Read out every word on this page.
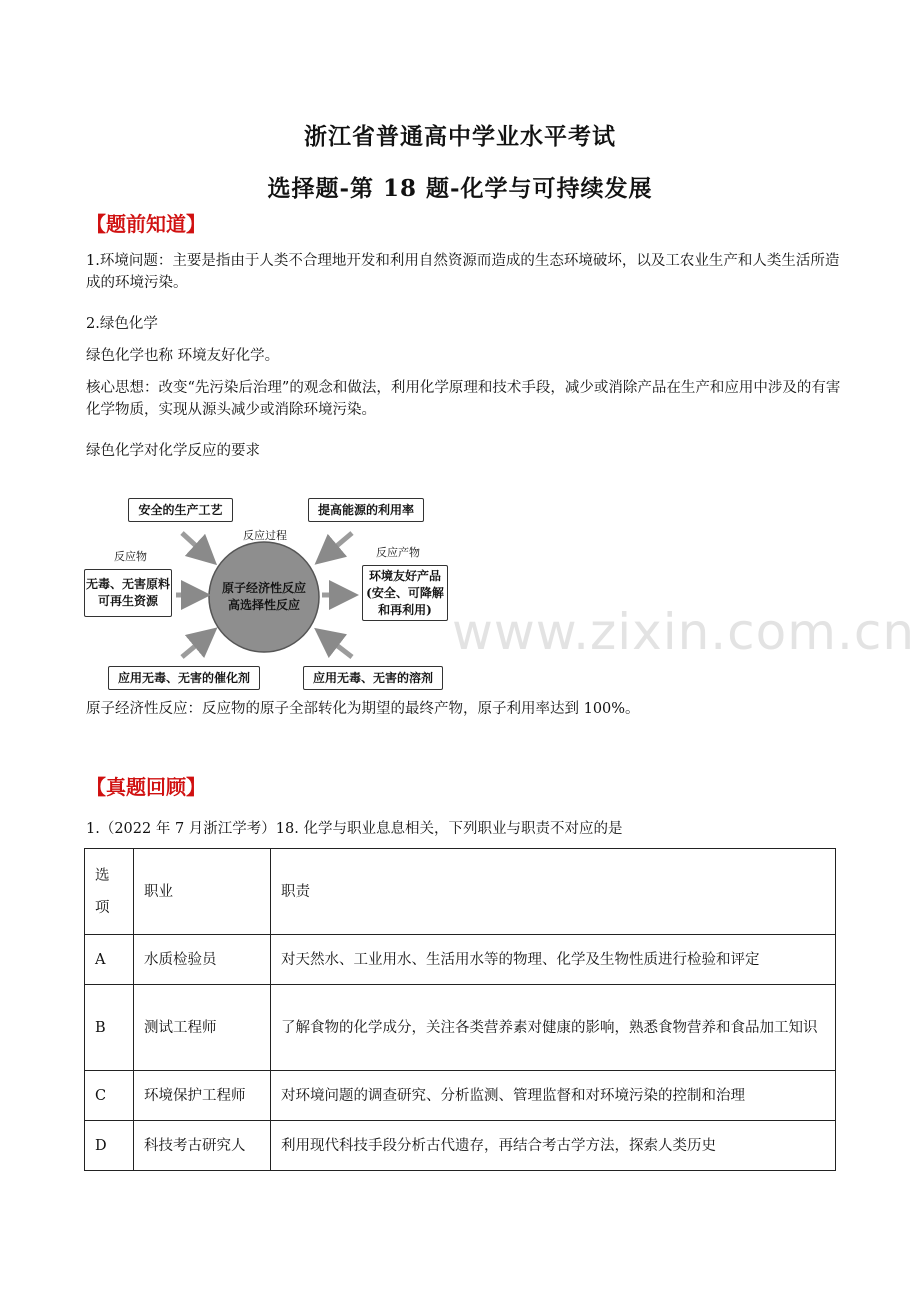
浙江省普通高中学业水平考试
选择题-第 18 题-化学与可持续发展
【题前知道】
1.环境问题：主要是指由于人类不合理地开发和利用自然资源而造成的生态环境破坏，以及工农业生产和人类生活所造成的环境污染。
2.绿色化学
绿色化学也称 环境友好化学。
核心思想：改变“先污染后治理”的观念和做法，利用化学原理和技术手段，减少或消除产品在生产和应用中涉及的有害化学物质，实现从源头减少或消除环境污染。
绿色化学对化学反应的要求
安全的生产工艺	提高能源的利用率
反应过程
反应物	反应产物
无毒、无害原料
可再生资源
原子经济性反应
高选择性反应
环境友好产品
(安全、可降解
和再利用)
应用无毒、无害的催化剂	应用无毒、无害的溶剂
www.zixin.com.cn
原子经济性反应：反应物的原子全部转化为期望的最终产物，原子利用率达到 100%。
【真题回顾】
1.（2022 年 7 月浙江学考）18. 化学与职业息息相关，下列职业与职责不对应的是
选项	职业	职责
A	水质检验员	对天然水、工业用水、生活用水等的物理、化学及生物性质进行检验和评定
B	测试工程师	了解食物的化学成分，关注各类营养素对健康的影响，熟悉食物营养和食品加工知识
C	环境保护工程师	对环境问题的调查研究、分析监测、管理监督和对环境污染的控制和治理
D	科技考古研究人	利用现代科技手段分析古代遗存，再结合考古学方法，探索人类历史
